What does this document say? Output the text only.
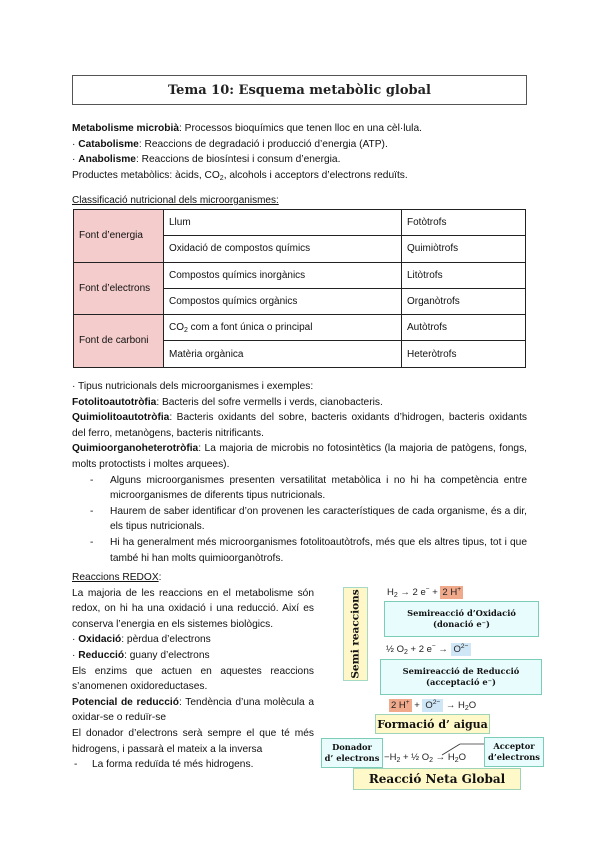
Tema 10: Esquema metabòlic global
Metabolisme microbià: Processos bioquímics que tenen lloc en una cèl·lula.
· Catabolisme: Reaccions de degradació i producció d’energia (ATP).
· Anabolisme: Reaccions de biosíntesi i consum d’energia.
Productes metabòlics: àcids, $CO_2$, alcohols i acceptors d’electrons reduïts.
Classificació nutricional dels microorganismes:
Font d’energia	Llum	Fotòtrofs
	Oxidació de compostos químics	Quimiòtrofs
Font d’electrons	Compostos químics inorgànics	Litòtrofs
	Compostos químics orgànics	Organòtrofs
Font de carboni	$CO_2$ com a font única o principal	Autòtrofs
	Matèria orgànica	Heteròtrofs
· Tipus nutricionals dels microorganismes i exemples:
Fotolitoautotròfia: Bacteris del sofre vermells i verds, cianobacteris.
Quimiolitoautotròfia: Bacteris oxidants del sobre, bacteris oxidants d’hidrogen, bacteris oxidants del ferro, metanògens, bacteris nitrificants.
Quimioorganoheterotròfia: La majoria de microbis no fotosintètics (la majoria de patògens, fongs, molts protoctists i moltes arquees).
- Alguns microorganismes presenten versatilitat metabòlica i no hi ha competència entre microorganismes de diferents tipus nutricionals.
- Haurem de saber identificar d’on provenen les característiques de cada organisme, és a dir, els tipus nutricionals.
- Hi ha generalment més microorganismes fotolitoautòtrofs, més que els altres tipus, tot i que també hi han molts quimioorganòtrofs.
Reaccions REDOX:
La majoria de les reaccions en el metabolisme són redox, on hi ha una oxidació i una reducció. Així es conserva l’energia en els sistemes biològics.
· Oxidació: pèrdua d’electrons
· Reducció: guany d’electrons
Els enzims que actuen en aquestes reaccions s’anomenen oxidoreductases.
Potencial de reducció: Tendència d’una molècula a oxidar-se o reduïr-se
El donador d’electrons serà sempre el que té més hidrogens, i passarà el mateix a la inversa
- La forma reduïda té més hidrogens.
Semi reaccions	$H_2 \to 2$ e− + 2 H+
Semireacció d’Oxidació
(donació e⁻)
½ $O_2 + 2$ $e^- \to O^{2-}$
Semireacció de Reducció
(acceptació e⁻)
2 $H^+ + O^{2-} \to H_2O$
Formació d’ aigua
Donador
d’ electrons $-H_2$ + ½ $O_2 \to H_2O$
Acceptor
d’electrons
Reacció Neta Global
